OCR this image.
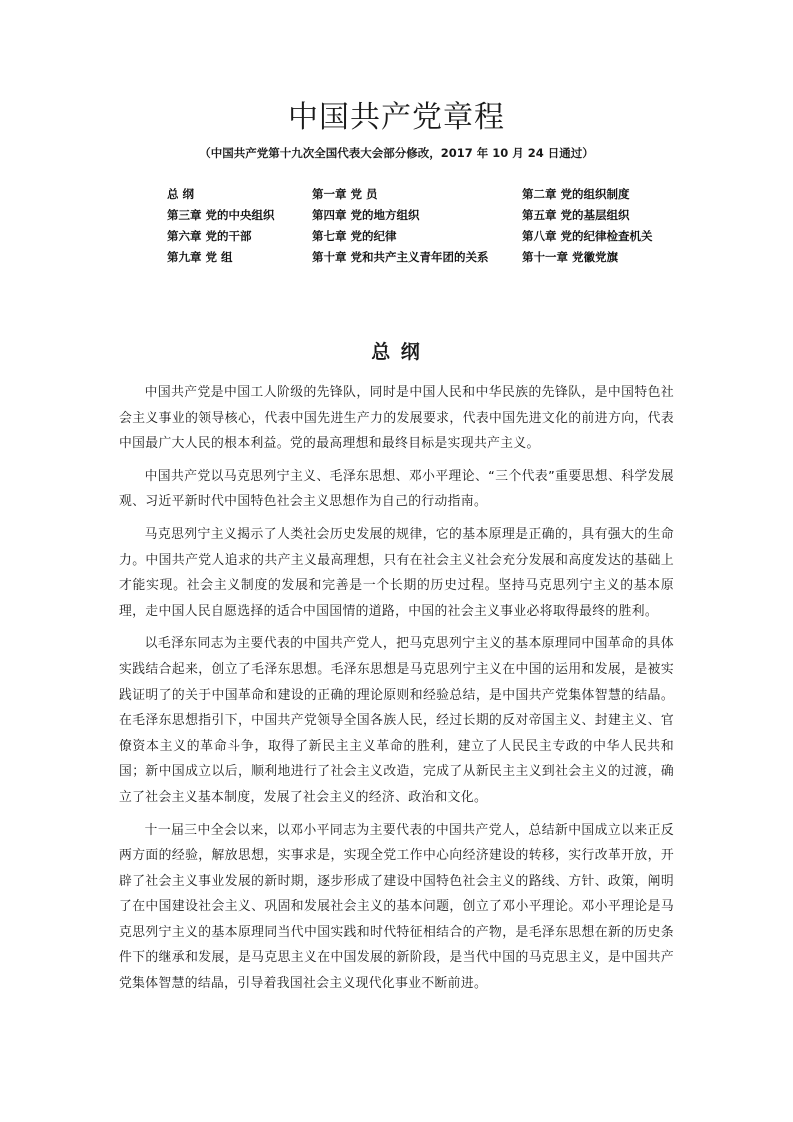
中国共产党章程

（中国共产党第十九次全国代表大会部分修改，2017 年 10 月 24 日通过）

总 纲	第一章 党 员	第二章 党的组织制度
第三章 党的中央组织	第四章 党的地方组织	第五章 党的基层组织
第六章 党的干部	第七章 党的纪律	第八章 党的纪律检查机关
第九章 党 组	第十章 党和共产主义青年团的关系	第十一章 党徽党旗
总 纲

中国共产党是中国工人阶级的先锋队，同时是中国人民和中华民族的先锋队，是中国特色社会主义事业的领导核心，代表中国先进生产力的发展要求，代表中国先进文化的前进方向，代表中国最广大人民的根本利益。党的最高理想和最终目标是实现共产主义。

中国共产党以马克思列宁主义、毛泽东思想、邓小平理论、“三个代表”重要思想、科学发展观、习近平新时代中国特色社会主义思想作为自己的行动指南。

马克思列宁主义揭示了人类社会历史发展的规律，它的基本原理是正确的，具有强大的生命力。中国共产党人追求的共产主义最高理想，只有在社会主义社会充分发展和高度发达的基础上才能实现。社会主义制度的发展和完善是一个长期的历史过程。坚持马克思列宁主义的基本原理，走中国人民自愿选择的适合中国国情的道路，中国的社会主义事业必将取得最终的胜利。

以毛泽东同志为主要代表的中国共产党人，把马克思列宁主义的基本原理同中国革命的具体实践结合起来，创立了毛泽东思想。毛泽东思想是马克思列宁主义在中国的运用和发展，是被实践证明了的关于中国革命和建设的正确的理论原则和经验总结，是中国共产党集体智慧的结晶。在毛泽东思想指引下，中国共产党领导全国各族人民，经过长期的反对帝国主义、封建主义、官僚资本主义的革命斗争，取得了新民主主义革命的胜利，建立了人民民主专政的中华人民共和国；新中国成立以后，顺利地进行了社会主义改造，完成了从新民主主义到社会主义的过渡，确立了社会主义基本制度，发展了社会主义的经济、政治和文化。

十一届三中全会以来，以邓小平同志为主要代表的中国共产党人，总结新中国成立以来正反两方面的经验，解放思想，实事求是，实现全党工作中心向经济建设的转移，实行改革开放，开辟了社会主义事业发展的新时期，逐步形成了建设中国特色社会主义的路线、方针、政策，阐明了在中国建设社会主义、巩固和发展社会主义的基本问题，创立了邓小平理论。邓小平理论是马克思列宁主义的基本原理同当代中国实践和时代特征相结合的产物，是毛泽东思想在新的历史条件下的继承和发展，是马克思主义在中国发展的新阶段，是当代中国的马克思主义，是中国共产党集体智慧的结晶，引导着我国社会主义现代化事业不断前进。
